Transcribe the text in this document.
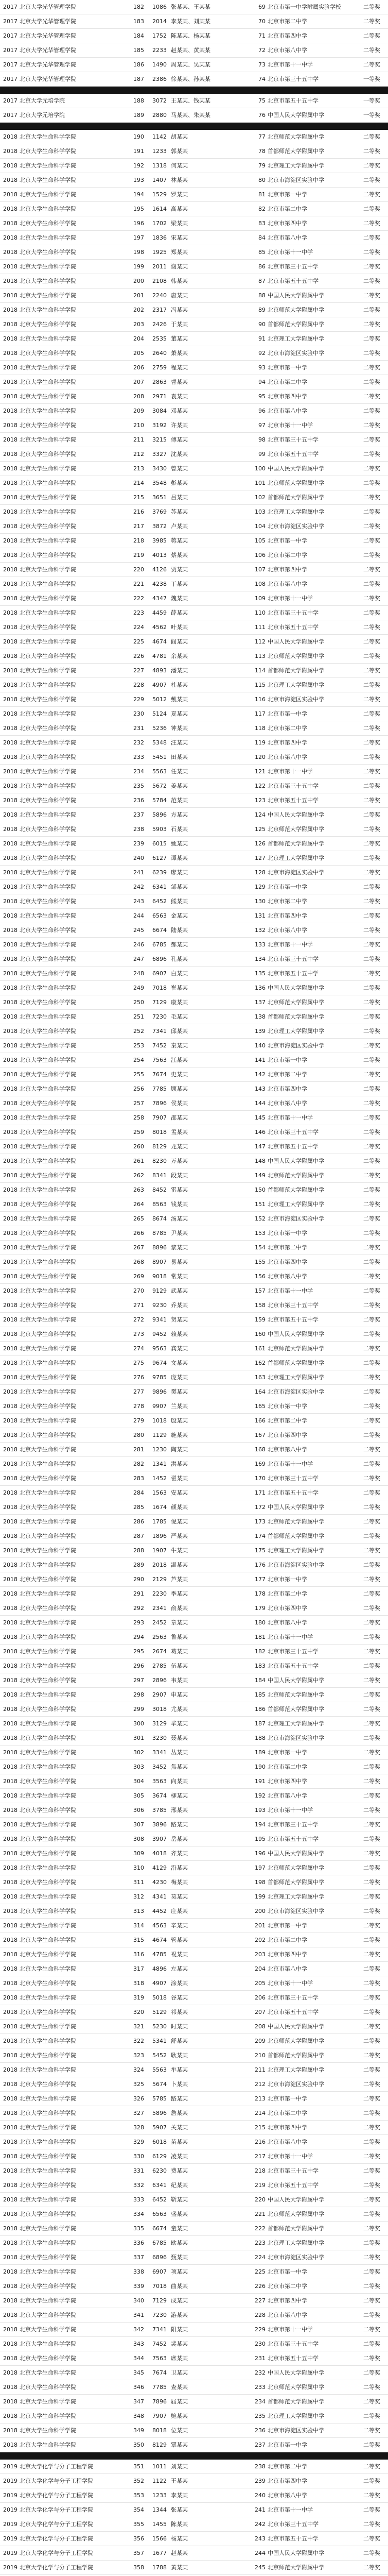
2017 北京大学光华管理学院	182	1086 张某某、王某某	69 北京市第一中学附属实验学校	二等奖
2017 北京大学光华管理学院	183	2014 李某某、刘某某	70 北京市第二中学	二等奖
2017 北京大学光华管理学院	184	1752 陈某某、杨某某	71 北京市第四中学	二等奖
2017 北京大学光华管理学院	185	2233 赵某某、黄某某	72 北京市第八中学	二等奖
2017 北京大学光华管理学院	186	1490 周某某、吴某某	73 北京市第十一中学	二等奖
2017 北京大学光华管理学院	187	2386 徐某某、孙某某	74 北京市第三十五中学	一等奖
2017 北京大学元培学院	188	3072 王某某、钱某某	75 北京市第五十五中学	一等奖
2017 北京大学元培学院	189	2880 马某某、朱某某	76 中国人民大学附属中学	一等奖
2018 北京大学生命科学学院	190	1142 胡某某	77 北京师范大学附属中学	二等奖
2018 北京大学生命科学学院	191	1233 郭某某	78 首都师范大学附属中学	二等奖
2018 北京大学生命科学学院	192	1318 何某某	79 北京理工大学附属中学	二等奖
2018 北京大学生命科学学院	193	1407 林某某	80 北京市海淀区实验中学	二等奖
2018 北京大学生命科学学院	194	1529 罗某某	81 北京市第一中学	二等奖
2018 北京大学生命科学学院	195	1614 高某某	82 北京市第二中学	二等奖
2018 北京大学生命科学学院	196	1702 梁某某	83 北京市第四中学	二等奖
2018 北京大学生命科学学院	197	1836 宋某某	84 北京市第八中学	二等奖
2018 北京大学生命科学学院	198	1925 郑某某	85 北京市第十一中学	二等奖
2018 北京大学生命科学学院	199	2011 谢某某	86 北京市第三十五中学	二等奖
2018 北京大学生命科学学院	200	2108 韩某某	87 北京市第五十五中学	二等奖
2018 北京大学生命科学学院	201	2240 唐某某	88 中国人民大学附属中学	二等奖
2018 北京大学生命科学学院	202	2317 冯某某	89 北京师范大学附属中学	二等奖
2018 北京大学生命科学学院	203	2426 于某某	90 首都师范大学附属中学	二等奖
2018 北京大学生命科学学院	204	2535 董某某	91 北京理工大学附属中学	二等奖
2018 北京大学生命科学学院	205	2640 萧某某	92 北京市海淀区实验中学	二等奖
2018 北京大学生命科学学院	206	2759 程某某	93 北京市第一中学	二等奖
2018 北京大学生命科学学院	207	2863 曹某某	94 北京市第二中学	二等奖
2018 北京大学生命科学学院	208	2971 袁某某	95 北京市第四中学	二等奖
2018 北京大学生命科学学院	209	3084 邓某某	96 北京市第八中学	二等奖
2018 北京大学生命科学学院	210	3192 许某某	97 北京市第十一中学	二等奖
2018 北京大学生命科学学院	211	3215 傅某某	98 北京市第三十五中学	二等奖
2018 北京大学生命科学学院	212	3327 沈某某	99 北京市第五十五中学	二等奖
2018 北京大学生命科学学院	213	3430 曾某某	100 中国人民大学附属中学	二等奖
2018 北京大学生命科学学院	214	3548 彭某某	101 北京师范大学附属中学	二等奖
2018 北京大学生命科学学院	215	3651 吕某某	102 首都师范大学附属中学	二等奖
2018 北京大学生命科学学院	216	3769 苏某某	103 北京理工大学附属中学	二等奖
2018 北京大学生命科学学院	217	3872 卢某某	104 北京市海淀区实验中学	二等奖
2018 北京大学生命科学学院	218	3985 蒋某某	105 北京市第一中学	二等奖
2018 北京大学生命科学学院	219	4013 蔡某某	106 北京市第二中学	二等奖
2018 北京大学生命科学学院	220	4126 贾某某	107 北京市第四中学	二等奖
2018 北京大学生命科学学院	221	4238 丁某某	108 北京市第八中学	二等奖
2018 北京大学生命科学学院	222	4347 魏某某	109 北京市第十一中学	二等奖
2018 北京大学生命科学学院	223	4459 薛某某	110 北京市第三十五中学	二等奖
2018 北京大学生命科学学院	224	4562 叶某某	111 北京市第五十五中学	二等奖
2018 北京大学生命科学学院	225	4674 阎某某	112 中国人民大学附属中学	二等奖
2018 北京大学生命科学学院	226	4781 余某某	113 北京师范大学附属中学	二等奖
2018 北京大学生命科学学院	227	4893 潘某某	114 首都师范大学附属中学	二等奖
2018 北京大学生命科学学院	228	4907 杜某某	115 北京理工大学附属中学	二等奖
2018 北京大学生命科学学院	229	5012 戴某某	116 北京市海淀区实验中学	二等奖
2018 北京大学生命科学学院	230	5124 夏某某	117 北京市第一中学	二等奖
2018 北京大学生命科学学院	231	5236 钟某某	118 北京市第二中学	二等奖
2018 北京大学生命科学学院	232	5348 汪某某	119 北京市第四中学	二等奖
2018 北京大学生命科学学院	233	5451 田某某	120 北京市第八中学	二等奖
2018 北京大学生命科学学院	234	5563 任某某	121 北京市第十一中学	二等奖
2018 北京大学生命科学学院	235	5672 姜某某	122 北京市第三十五中学	二等奖
2018 北京大学生命科学学院	236	5784 范某某	123 北京市第五十五中学	二等奖
2018 北京大学生命科学学院	237	5896 方某某	124 中国人民大学附属中学	二等奖
2018 北京大学生命科学学院	238	5903 石某某	125 北京师范大学附属中学	二等奖
2018 北京大学生命科学学院	239	6015 姚某某	126 首都师范大学附属中学	二等奖
2018 北京大学生命科学学院	240	6127 谭某某	127 北京理工大学附属中学	二等奖
2018 北京大学生命科学学院	241	6239 廖某某	128 北京市海淀区实验中学	二等奖
2018 北京大学生命科学学院	242	6341 邹某某	129 北京市第一中学	二等奖
2018 北京大学生命科学学院	243	6452 熊某某	130 北京市第二中学	二等奖
2018 北京大学生命科学学院	244	6563 金某某	131 北京市第四中学	二等奖
2018 北京大学生命科学学院	245	6674 陆某某	132 北京市第八中学	二等奖
2018 北京大学生命科学学院	246	6785 郝某某	133 北京市第十一中学	二等奖
2018 北京大学生命科学学院	247	6896 孔某某	134 北京市第三十五中学	二等奖
2018 北京大学生命科学学院	248	6907 白某某	135 北京市第五十五中学	二等奖
2018 北京大学生命科学学院	249	7018 崔某某	136 中国人民大学附属中学	二等奖
2018 北京大学生命科学学院	250	7129 康某某	137 北京师范大学附属中学	二等奖
2018 北京大学生命科学学院	251	7230 毛某某	138 首都师范大学附属中学	二等奖
2018 北京大学生命科学学院	252	7341 邱某某	139 北京理工大学附属中学	二等奖
2018 北京大学生命科学学院	253	7452 秦某某	140 北京市海淀区实验中学	二等奖
2018 北京大学生命科学学院	254	7563 江某某	141 北京市第一中学	二等奖
2018 北京大学生命科学学院	255	7674 史某某	142 北京市第二中学	二等奖
2018 北京大学生命科学学院	256	7785 顾某某	143 北京市第四中学	二等奖
2018 北京大学生命科学学院	257	7896 侯某某	144 北京市第八中学	二等奖
2018 北京大学生命科学学院	258	7907 邵某某	145 北京市第十一中学	二等奖
2018 北京大学生命科学学院	259	8018 孟某某	146 北京市第三十五中学	二等奖
2018 北京大学生命科学学院	260	8129 龙某某	147 北京市第五十五中学	二等奖
2018 北京大学生命科学学院	261	8230 万某某	148 中国人民大学附属中学	二等奖
2018 北京大学生命科学学院	262	8341 段某某	149 北京师范大学附属中学	二等奖
2018 北京大学生命科学学院	263	8452 雷某某	150 首都师范大学附属中学	二等奖
2018 北京大学生命科学学院	264	8563 钱某某	151 北京理工大学附属中学	二等奖
2018 北京大学生命科学学院	265	8674 汤某某	152 北京市海淀区实验中学	二等奖
2018 北京大学生命科学学院	266	8785 尹某某	153 北京市第一中学	二等奖
2018 北京大学生命科学学院	267	8896 黎某某	154 北京市第二中学	二等奖
2018 北京大学生命科学学院	268	8907 易某某	155 北京市第四中学	二等奖
2018 北京大学生命科学学院	269	9018 常某某	156 北京市第八中学	二等奖
2018 北京大学生命科学学院	270	9129 武某某	157 北京市第十一中学	二等奖
2018 北京大学生命科学学院	271	9230 乔某某	158 北京市第三十五中学	二等奖
2018 北京大学生命科学学院	272	9341 贺某某	159 北京市第五十五中学	二等奖
2018 北京大学生命科学学院	273	9452 赖某某	160 中国人民大学附属中学	二等奖
2018 北京大学生命科学学院	274	9563 龚某某	161 北京师范大学附属中学	二等奖
2018 北京大学生命科学学院	275	9674 文某某	162 首都师范大学附属中学	二等奖
2018 北京大学生命科学学院	276	9785 庞某某	163 北京理工大学附属中学	二等奖
2018 北京大学生命科学学院	277	9896 樊某某	164 北京市海淀区实验中学	二等奖
2018 北京大学生命科学学院	278	9907 兰某某	165 北京市第一中学	二等奖
2018 北京大学生命科学学院	279	1018 殷某某	166 北京市第二中学	二等奖
2018 北京大学生命科学学院	280	1129 施某某	167 北京市第四中学	二等奖
2018 北京大学生命科学学院	281	1230 陶某某	168 北京市第八中学	二等奖
2018 北京大学生命科学学院	282	1341 洪某某	169 北京市第十一中学	二等奖
2018 北京大学生命科学学院	283	1452 翟某某	170 北京市第三十五中学	二等奖
2018 北京大学生命科学学院	284	1563 安某某	171 北京市第五十五中学	二等奖
2018 北京大学生命科学学院	285	1674 颜某某	172 中国人民大学附属中学	二等奖
2018 北京大学生命科学学院	286	1785 倪某某	173 北京师范大学附属中学	二等奖
2018 北京大学生命科学学院	287	1896 严某某	174 首都师范大学附属中学	二等奖
2018 北京大学生命科学学院	288	1907 牛某某	175 北京理工大学附属中学	二等奖
2018 北京大学生命科学学院	289	2018 温某某	176 北京市海淀区实验中学	二等奖
2018 北京大学生命科学学院	290	2129 芦某某	177 北京市第一中学	二等奖
2018 北京大学生命科学学院	291	2230 季某某	178 北京市第二中学	二等奖
2018 北京大学生命科学学院	292	2341 俞某某	179 北京市第四中学	二等奖
2018 北京大学生命科学学院	293	2452 章某某	180 北京市第八中学	二等奖
2018 北京大学生命科学学院	294	2563 鲁某某	181 北京市第十一中学	二等奖
2018 北京大学生命科学学院	295	2674 葛某某	182 北京市第三十五中学	二等奖
2018 北京大学生命科学学院	296	2785 伍某某	183 北京市第五十五中学	二等奖
2018 北京大学生命科学学院	297	2896 韦某某	184 中国人民大学附属中学	二等奖
2018 北京大学生命科学学院	298	2907 申某某	185 北京师范大学附属中学	二等奖
2018 北京大学生命科学学院	299	3018 尤某某	186 首都师范大学附属中学	二等奖
2018 北京大学生命科学学院	300	3129 毕某某	187 北京理工大学附属中学	二等奖
2018 北京大学生命科学学院	301	3230 聂某某	188 北京市海淀区实验中学	二等奖
2018 北京大学生命科学学院	302	3341 丛某某	189 北京市第一中学	二等奖
2018 北京大学生命科学学院	303	3452 焦某某	190 北京市第二中学	二等奖
2018 北京大学生命科学学院	304	3563 向某某	191 北京市第四中学	二等奖
2018 北京大学生命科学学院	305	3674 柳某某	192 北京市第八中学	二等奖
2018 北京大学生命科学学院	306	3785 邢某某	193 北京市第十一中学	二等奖
2018 北京大学生命科学学院	307	3896 路某某	194 北京市第三十五中学	二等奖
2018 北京大学生命科学学院	308	3907 岳某某	195 北京市第五十五中学	二等奖
2018 北京大学生命科学学院	309	4018 齐某某	196 中国人民大学附属中学	二等奖
2018 北京大学生命科学学院	310	4129 沿某某	197 北京师范大学附属中学	二等奖
2018 北京大学生命科学学院	311	4230 梅某某	198 首都师范大学附属中学	二等奖
2018 北京大学生命科学学院	312	4341 莫某某	199 北京理工大学附属中学	二等奖
2018 北京大学生命科学学院	313	4452 庄某某	200 北京市海淀区实验中学	二等奖
2018 北京大学生命科学学院	314	4563 辛某某	201 北京市第一中学	二等奖
2018 北京大学生命科学学院	315	4674 管某某	202 北京市第二中学	二等奖
2018 北京大学生命科学学院	316	4785 祝某某	203 北京市第四中学	二等奖
2018 北京大学生命科学学院	317	4896 左某某	204 北京市第八中学	二等奖
2018 北京大学生命科学学院	318	4907 涂某某	205 北京市第十一中学	二等奖
2018 北京大学生命科学学院	319	5018 谷某某	206 北京市第三十五中学	二等奖
2018 北京大学生命科学学院	320	5129 祁某某	207 北京市第五十五中学	二等奖
2018 北京大学生命科学学院	321	5230 时某某	208 中国人民大学附属中学	二等奖
2018 北京大学生命科学学院	322	5341 舒某某	209 北京师范大学附属中学	二等奖
2018 北京大学生命科学学院	323	5452 耿某某	210 首都师范大学附属中学	二等奖
2018 北京大学生命科学学院	324	5563 牟某某	211 北京理工大学附属中学	二等奖
2018 北京大学生命科学学院	325	5674 卜某某	212 北京市海淀区实验中学	二等奖
2018 北京大学生命科学学院	326	5785 路某某	213 北京市第一中学	二等奖
2018 北京大学生命科学学院	327	5896 詹某某	214 北京市第二中学	二等奖
2018 北京大学生命科学学院	328	5907 关某某	215 北京市第四中学	二等奖
2018 北京大学生命科学学院	329	6018 苗某某	216 北京市第八中学	二等奖
2018 北京大学生命科学学院	330	6129 凌某某	217 北京市第十一中学	二等奖
2018 北京大学生命科学学院	331	6230 费某某	218 北京市第三十五中学	二等奖
2018 北京大学生命科学学院	332	6341 纪某某	219 北京市第五十五中学	二等奖
2018 北京大学生命科学学院	333	6452 靳某某	220 中国人民大学附属中学	二等奖
2018 北京大学生命科学学院	334	6563 盛某某	221 北京师范大学附属中学	二等奖
2018 北京大学生命科学学院	335	6674 童某某	222 首都师范大学附属中学	二等奖
2018 北京大学生命科学学院	336	6785 欧某某	223 北京理工大学附属中学	二等奖
2018 北京大学生命科学学院	337	6896 甄某某	224 北京市海淀区实验中学	二等奖
2018 北京大学生命科学学院	338	6907 项某某	225 北京市第一中学	二等奖
2018 北京大学生命科学学院	339	7018 曲某某	226 北京市第二中学	二等奖
2018 北京大学生命科学学院	340	7129 成某某	227 北京市第四中学	二等奖
2018 北京大学生命科学学院	341	7230 游某某	228 北京市第八中学	二等奖
2018 北京大学生命科学学院	342	7341 阳某某	229 北京市第十一中学	二等奖
2018 北京大学生命科学学院	343	7452 裴某某	230 北京市第三十五中学	二等奖
2018 北京大学生命科学学院	344	7563 席某某	231 北京市第五十五中学	二等奖
2018 北京大学生命科学学院	345	7674 卫某某	232 中国人民大学附属中学	二等奖
2018 北京大学生命科学学院	346	7785 查某某	233 北京师范大学附属中学	二等奖
2018 北京大学生命科学学院	347	7896 屈某某	234 首都师范大学附属中学	二等奖
2018 北京大学生命科学学院	348	7907 鲍某某	235 北京理工大学附属中学	二等奖
2018 北京大学生命科学学院	349	8018 位某某	236 北京市海淀区实验中学	二等奖
2018 北京大学生命科学学院	350	8129 覃某某	237 北京市第一中学	二等奖
2019 北京大学化学与分子工程学院	351	1011 刘某某	238 北京市第二中学	二等奖
2019 北京大学化学与分子工程学院	352	1122 王某某	239 北京市第四中学	二等奖
2019 北京大学化学与分子工程学院	353	1233 李某某	240 北京市第八中学	二等奖
2019 北京大学化学与分子工程学院	354	1344 张某某	241 北京市第十一中学	二等奖
2019 北京大学化学与分子工程学院	355	1455 陈某某	242 北京市第三十五中学	二等奖
2019 北京大学化学与分子工程学院	356	1566 杨某某	243 北京市第五十五中学	二等奖
2019 北京大学化学与分子工程学院	357	1677 赵某某	244 中国人民大学附属中学	二等奖
2019 北京大学化学与分子工程学院	358	1788 黄某某	245 北京师范大学附属中学	二等奖
